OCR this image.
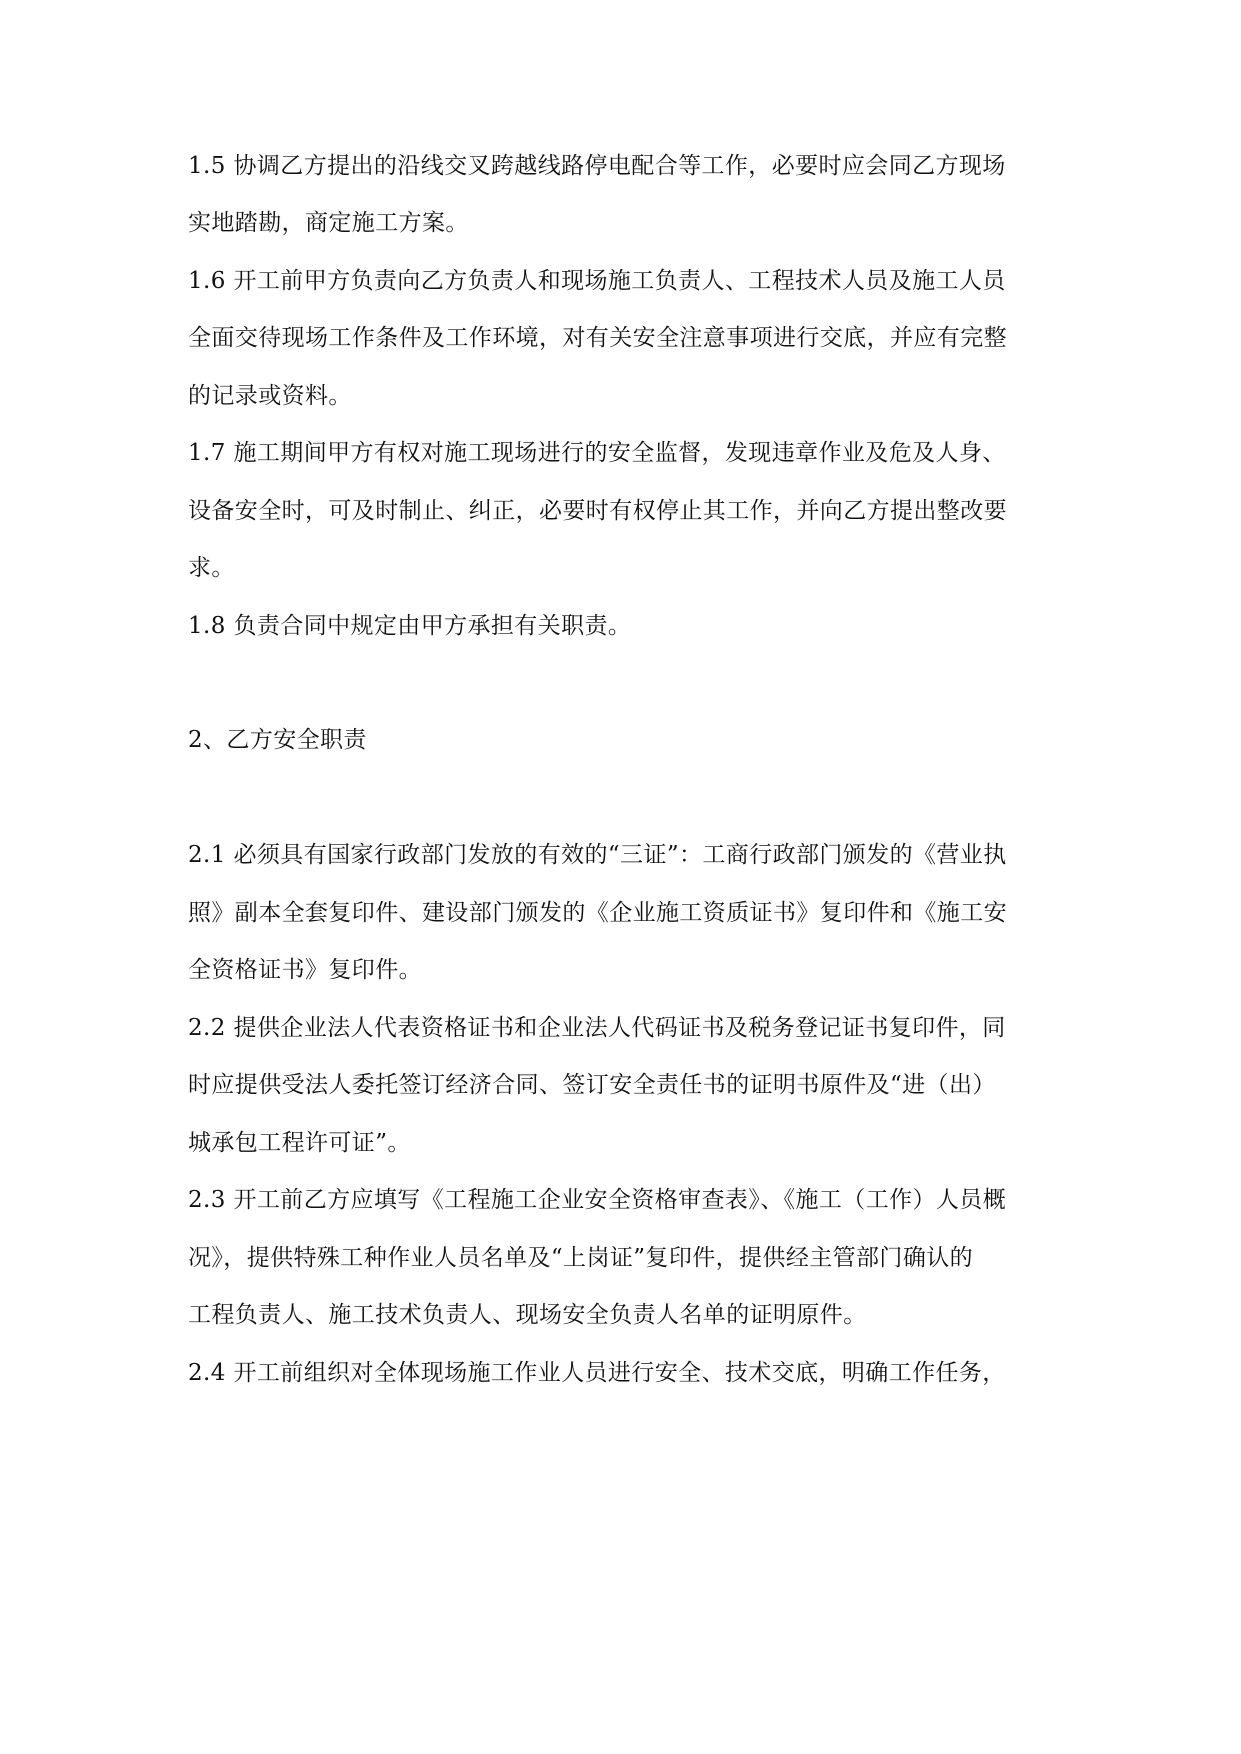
1.5 协调乙方提出的沿线交叉跨越线路停电配合等工作，必要时应会同乙方现场
实地踏勘，商定施工方案。
1.6 开工前甲方负责向乙方负责人和现场施工负责人、工程技术人员及施工人员
全面交待现场工作条件及工作环境，对有关安全注意事项进行交底，并应有完整
的记录或资料。
1.7 施工期间甲方有权对施工现场进行的安全监督，发现违章作业及危及人身、
设备安全时，可及时制止、纠正，必要时有权停止其工作，并向乙方提出整改要
求。
1.8 负责合同中规定由甲方承担有关职责。
2、乙方安全职责
2.1 必须具有国家行政部门发放的有效的“三证”：工商行政部门颁发的《营业执
照》副本全套复印件、建设部门颁发的《企业施工资质证书》复印件和《施工安
全资格证书》复印件。
2.2 提供企业法人代表资格证书和企业法人代码证书及税务登记证书复印件，同
时应提供受法人委托签订经济合同、签订安全责任书的证明书原件及“进（出）
城承包工程许可证”。
2.3 开工前乙方应填写《工程施工企业安全资格审查表》、《施工（工作）人员概
况》，提供特殊工种作业人员名单及“上岗证”复印件，提供经主管部门确认的
工程负责人、施工技术负责人、现场安全负责人名单的证明原件。
2.4 开工前组织对全体现场施工作业人员进行安全、技术交底，明确工作任务，
